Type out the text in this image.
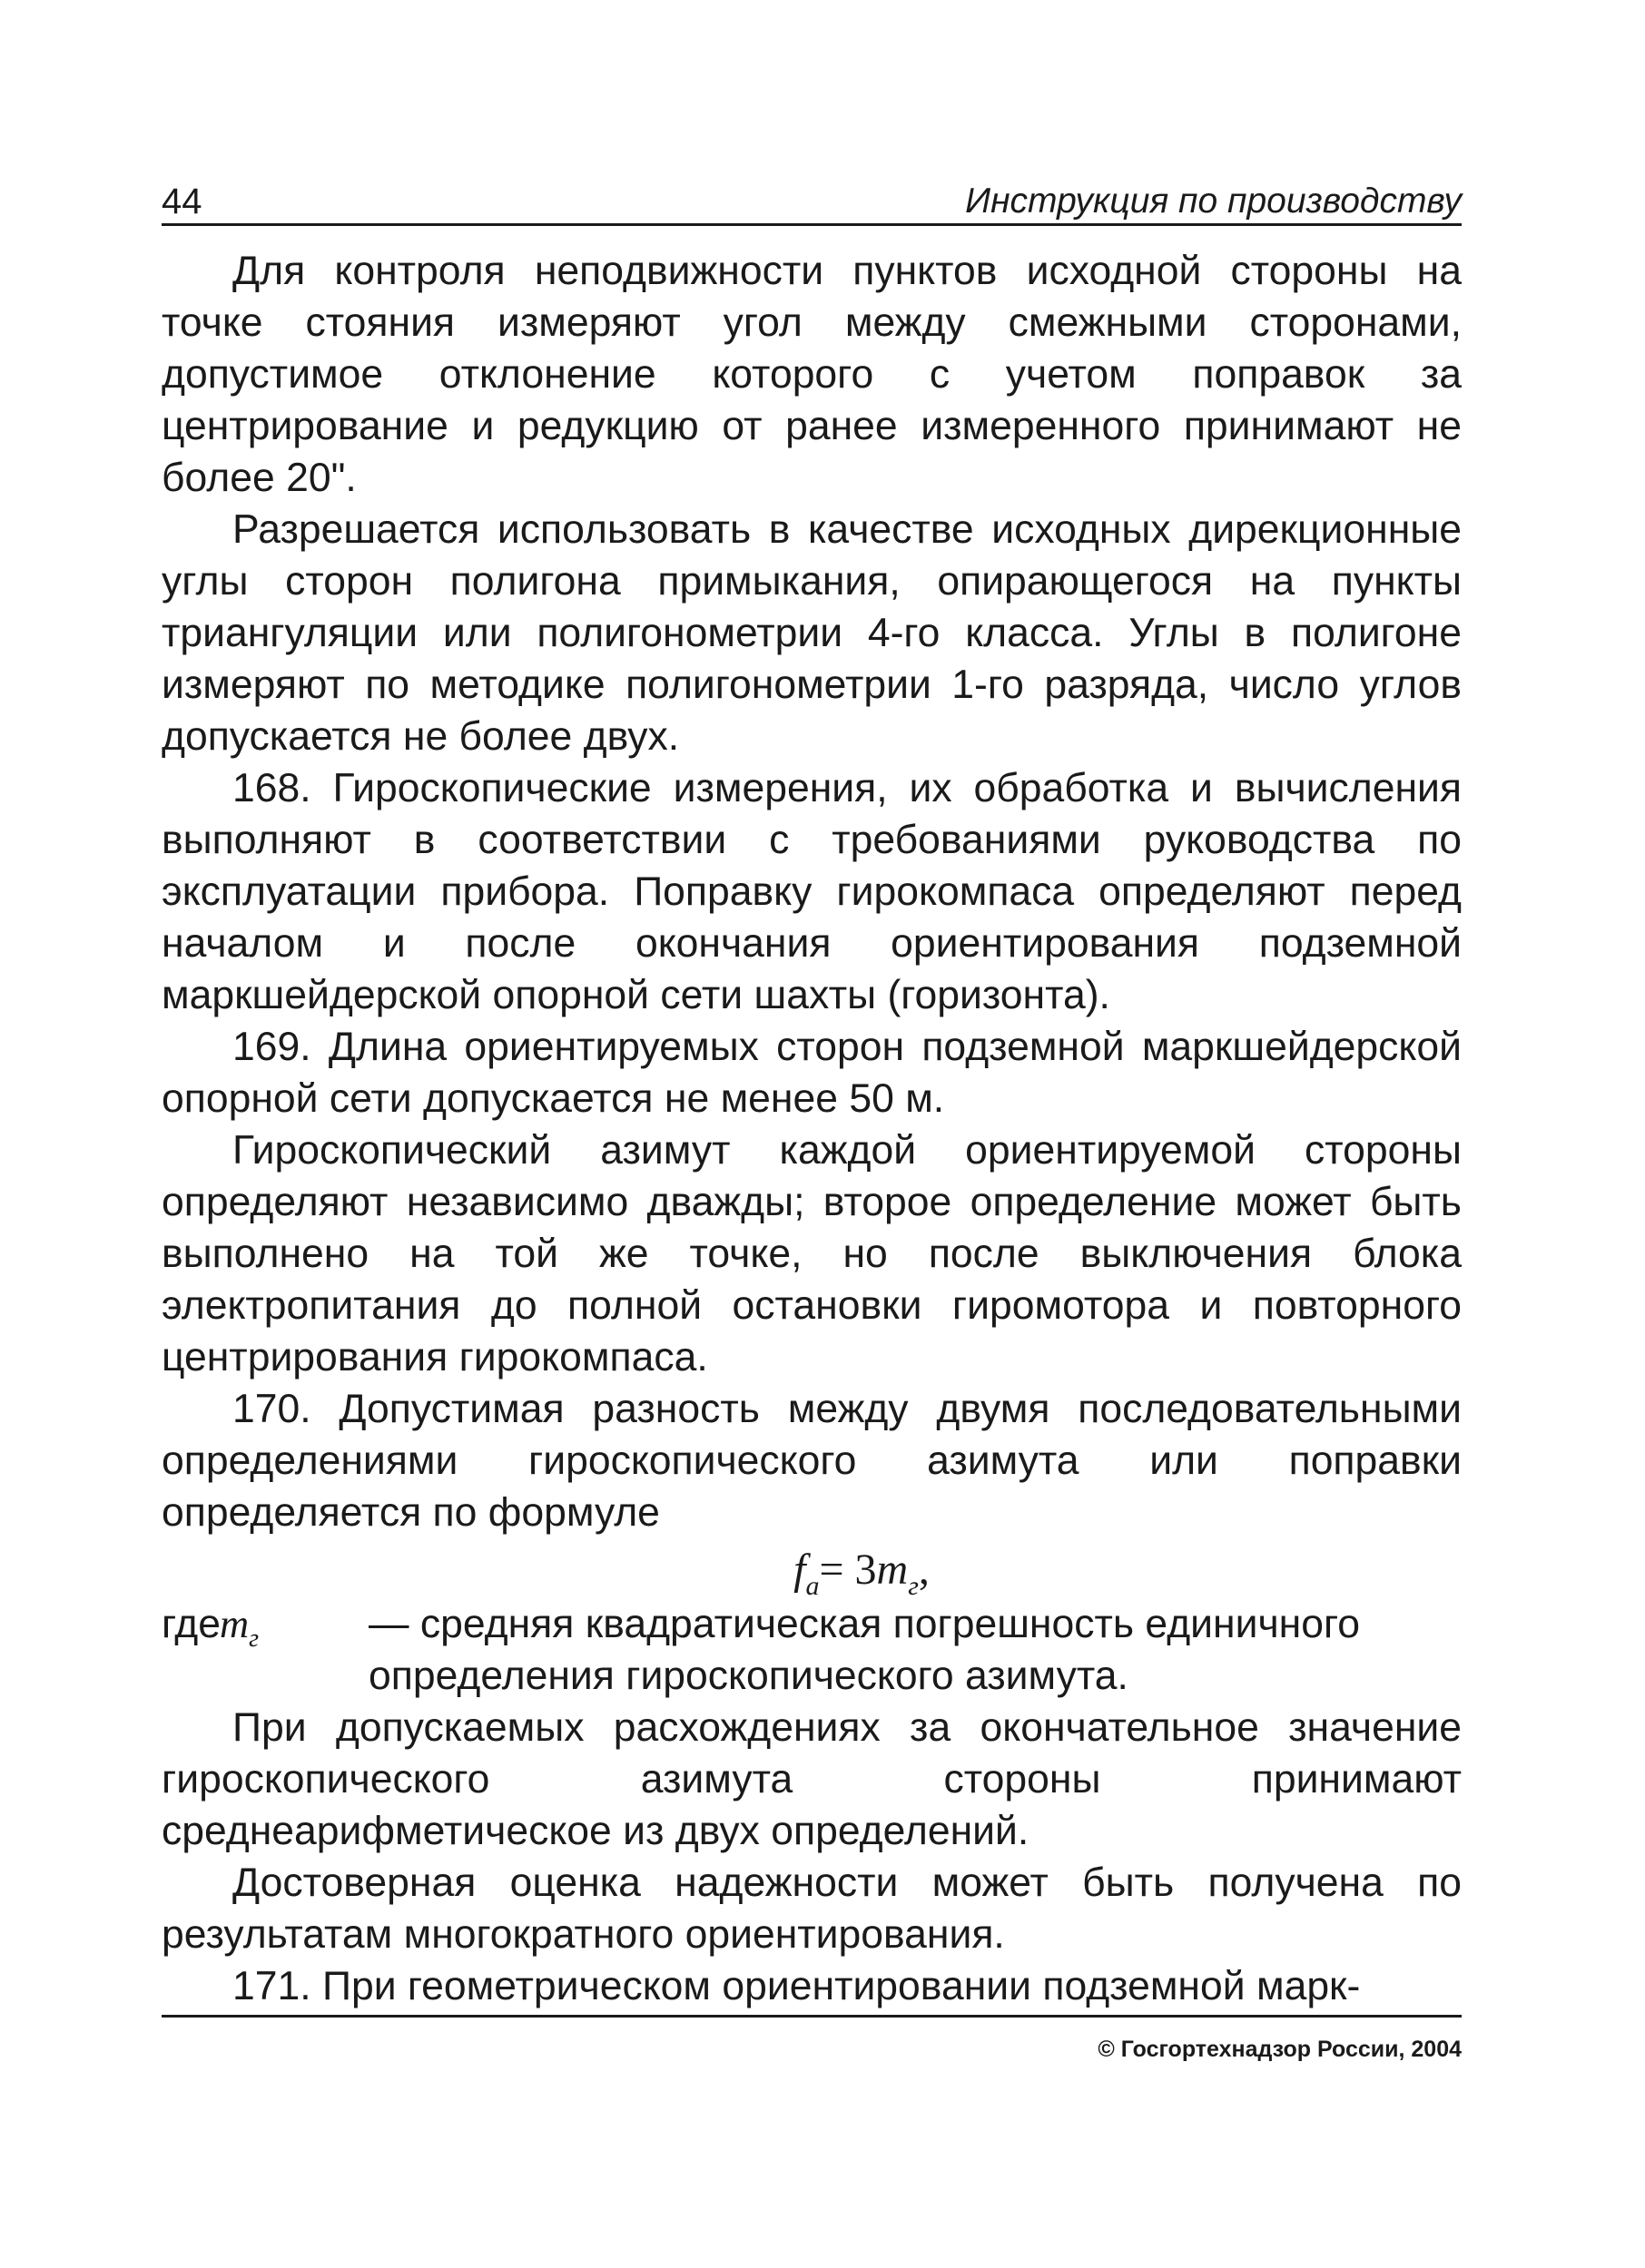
44	Инструкция по производству

Для контроля неподвижности пунктов исходной стороны на точке стояния измеряют угол между смежными сторонами, допустимое отклонение которого с учетом поправок за центрирование и редукцию от ранее измеренного принимают не более 20".

Разрешается использовать в качестве исходных дирекционные углы сторон полигона примыкания, опирающегося на пункты триангуляции или полигонометрии 4-го класса. Углы в полигоне измеряют по методике полигонометрии 1-го разряда, число углов допускается не более двух.

168. Гироскопические измерения, их обработка и вычисления выполняют в соответствии с требованиями руководства по эксплуатации прибора. Поправку гирокомпаса определяют перед началом и после окончания ориентирования подземной маркшейдерской опорной сети шахты (горизонта).

169. Длина ориентируемых сторон подземной маркшейдерской опорной сети допускается не менее 50 м.

Гироскопический азимут каждой ориентируемой стороны определяют независимо дважды; второе определение может быть выполнено на той же точке, но после выключения блока электропитания до полной остановки гиромотора и повторного центрирования гирокомпаса.

170. Допустимая разность между двумя последовательными определениями гироскопического азимута или поправки определяется по формуле

$f_a= 3m_г$,
где $m_г$	— средняя квадратическая погрешность единичного
определения гироскопического азимута.

При допускаемых расхождениях за окончательное значение гироскопического азимута стороны принимают среднеарифметическое из двух определений.

Достоверная оценка надежности может быть получена по результатам многократного ориентирования.

171. При геометрическом ориентировании подземной марк-

© Госгортехнадзор России, 2004
